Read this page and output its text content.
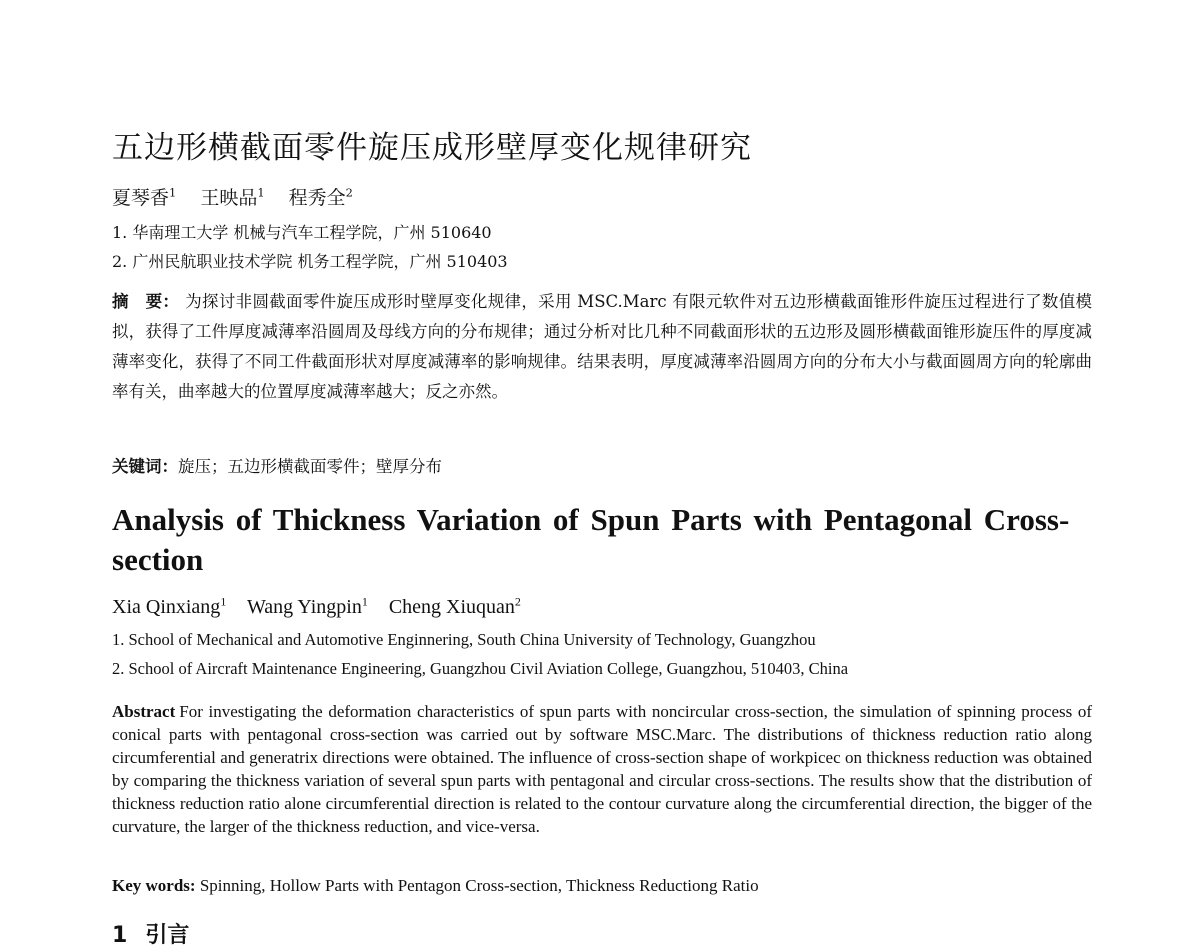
五边形横截面零件旋压成形壁厚变化规律研究
夏琴香$^1$ 王映品$^1$ 程秀全$^2$

1. 华南理工大学 机械与汽车工程学院，广州 510640

2. 广州民航职业技术学院 机务工程学院，广州 510403

摘　要： 为探讨非圆截面零件旋压成形时壁厚变化规律，采用 MSC.Marc 有限元软件对五边形横截面锥形件旋压过程进行了数值模拟，获得了工件厚度减薄率沿圆周及母线方向的分布规律；通过分析对比几种不同截面形状的五边形及圆形横截面锥形旋压件的厚度减薄率变化，获得了不同工件截面形状对厚度减薄率的影响规律。结果表明，厚度减薄率沿圆周方向的分布大小与截面圆周方向的轮廓曲率有关，曲率越大的位置厚度减薄率越大；反之亦然。

关键词：旋压；五边形横截面零件；壁厚分布

Analysis of Thickness Variation of Spun Parts with Pentagonal Cross-section
Xia Qinxiang$^1$ Wang Yingpin$^1$ Cheng Xiuquan$^2$

1. School of Mechanical and Automotive Enginnering, South China University of Technology, Guangzhou

2. School of Aircraft Maintenance Engineering, Guangzhou Civil Aviation College, Guangzhou, 510403, China

Abstract For investigating the deformation characteristics of spun parts with noncircular cross-section, the simulation of spinning process of conical parts with pentagonal cross-section was carried out by software MSC.Marc. The distributions of thickness reduction ratio along circumferential and generatrix directions were obtained. The influence of cross-section shape of workpicec on thickness reduction was obtained by comparing the thickness variation of several spun parts with pentagonal and circular cross-sections. The results show that the distribution of thickness reduction ratio alone circumferential direction is related to the contour curvature along the circumferential direction, the bigger of the curvature, the larger of the thickness reduction, and vice-versa.

Key words: Spinning, Hollow Parts with Pentagon Cross-section, Thickness Reductiong Ratio

1 引言
